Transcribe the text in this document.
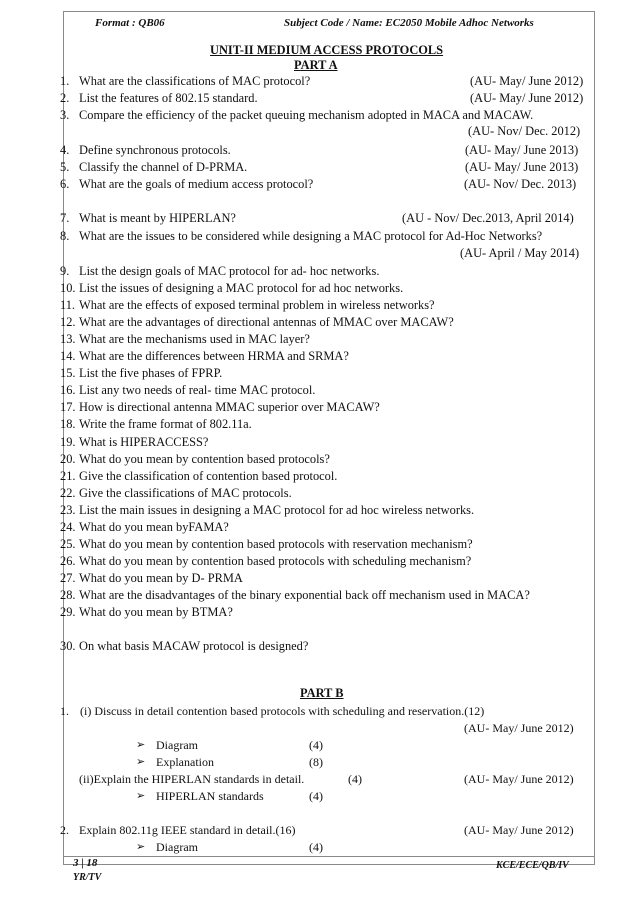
Format : QB06	Subject Code / Name: EC2050 Mobile Adhoc Networks
UNIT-II MEDIUM ACCESS PROTOCOLS
PART A
1. What are the classifications of MAC protocol?	(AU- May/ June 2012)
2. List the features of 802.15 standard.	(AU- May/ June 2012)
3. Compare the efficiency of the packet queuing mechanism adopted in MACA and MACAW.
(AU- Nov/ Dec. 2012)
4. Define synchronous protocols.	(AU- May/ June 2013)
5. Classify the channel of D-PRMA.	(AU- May/ June 2013)
6. What are the goals of medium access protocol?	(AU- Nov/ Dec. 2013)
7. What is meant by HIPERLAN?	(AU - Nov/ Dec.2013, April 2014)
8. What are the issues to be considered while designing a MAC protocol for Ad-Hoc Networks?
(AU- April / May 2014)
9. List the design goals of MAC protocol for ad- hoc networks.
10. List the issues of designing a MAC protocol for ad hoc networks.
11. What are the effects of exposed terminal problem in wireless networks?
12. What are the advantages of directional antennas of MMAC over MACAW?
13. What are the mechanisms used in MAC layer?
14. What are the differences between HRMA and SRMA?
15. List the five phases of FPRP.
16. List any two needs of real- time MAC protocol.
17. How is directional antenna MMAC superior over MACAW?
18. Write the frame format of 802.11a.
19. What is HIPERACCESS?
20. What do you mean by contention based protocols?
21. Give the classification of contention based protocol.
22. Give the classifications of MAC protocols.
23. List the main issues in designing a MAC protocol for ad hoc wireless networks.
24. What do you mean byFAMA?
25. What do you mean by contention based protocols with reservation mechanism?
26. What do you mean by contention based protocols with scheduling mechanism?
27. What do you mean by D- PRMA
28. What are the disadvantages of the binary exponential back off mechanism used in MACA?
29. What do you mean by BTMA?
30. On what basis MACAW protocol is designed?
PART B
1. (i) Discuss in detail contention based protocols with scheduling and reservation.(12)
(AU- May/ June 2012)
➢ Diagram	(4)
➢ Explanation	(8)
(ii)Explain the HIPERLAN standards in detail.	(4)	(AU- May/ June 2012)
➢ HIPERLAN standards	(4)
2. Explain 802.11g IEEE standard in detail.(16)	(AU- May/ June 2012)
➢ Diagram	(4)
3 | 18	KCE/ECE/QB/IV
YR/TV
